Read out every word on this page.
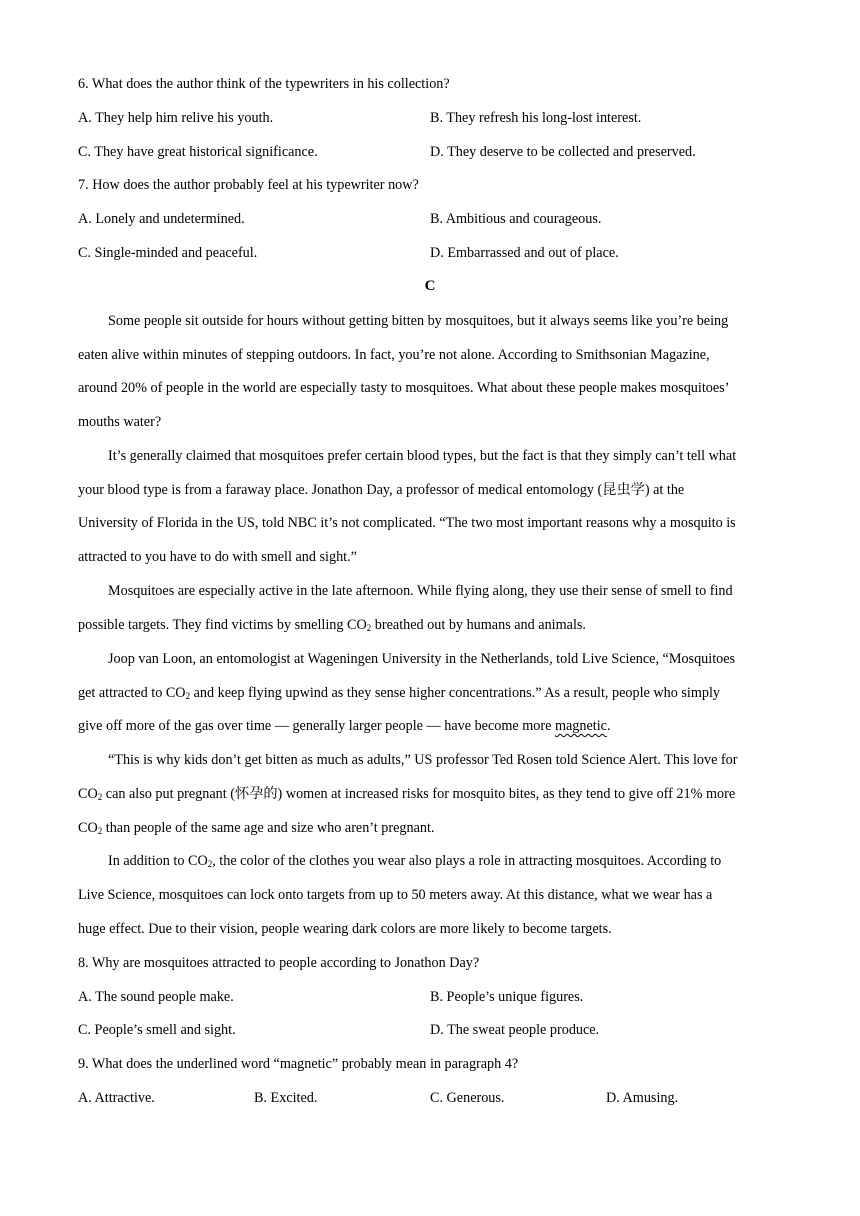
6. What does the author think of the typewriters in his collection?
A. They help him relive his youth.	B. They refresh his long-lost interest.
C. They have great historical significance.	D. They deserve to be collected and preserved.
7. How does the author probably feel at his typewriter now?
A. Lonely and undetermined.	B. Ambitious and courageous.
C. Single-minded and peaceful.	D. Embarrassed and out of place.
C
Some people sit outside for hours without getting bitten by mosquitoes, but it always seems like you’re being
eaten alive within minutes of stepping outdoors. In fact, you’re not alone. According to Smithsonian Magazine,
around 20% of people in the world are especially tasty to mosquitoes. What about these people makes mosquitoes’
mouths water?
It’s generally claimed that mosquitoes prefer certain blood types, but the fact is that they simply can’t tell what
your blood type is from a faraway place. Jonathon Day, a professor of medical entomology (昆虫学) at the
University of Florida in the US, told NBC it’s not complicated. “The two most important reasons why a mosquito is
attracted to you have to do with smell and sight.”
Mosquitoes are especially active in the late afternoon. While flying along, they use their sense of smell to find
possible targets. They find victims by smelling $CO_2$ breathed out by humans and animals.
Joop van Loon, an entomologist at Wageningen University in the Netherlands, told Live Science, “Mosquitoes
get attracted to $CO_2$ and keep flying upwind as they sense higher concentrations.” As a result, people who simply
give off more of the gas over time — generally larger people — have become more magnetic.
“This is why kids don’t get bitten as much as adults,” US professor Ted Rosen told Science Alert. This love for
$CO_2$ can also put pregnant (怀孕的) women at increased risks for mosquito bites, as they tend to give off 21% more
$CO_2$ than people of the same age and size who aren’t pregnant.
In addition to $CO_2$, the color of the clothes you wear also plays a role in attracting mosquitoes. According to
Live Science, mosquitoes can lock onto targets from up to 50 meters away. At this distance, what we wear has a
huge effect. Due to their vision, people wearing dark colors are more likely to become targets.
8. Why are mosquitoes attracted to people according to Jonathon Day?
A. The sound people make.	B. People’s unique figures.
C. People’s smell and sight.	D. The sweat people produce.
9. What does the underlined word “magnetic” probably mean in paragraph 4?
A. Attractive.	B. Excited.	C. Generous.	D. Amusing.
